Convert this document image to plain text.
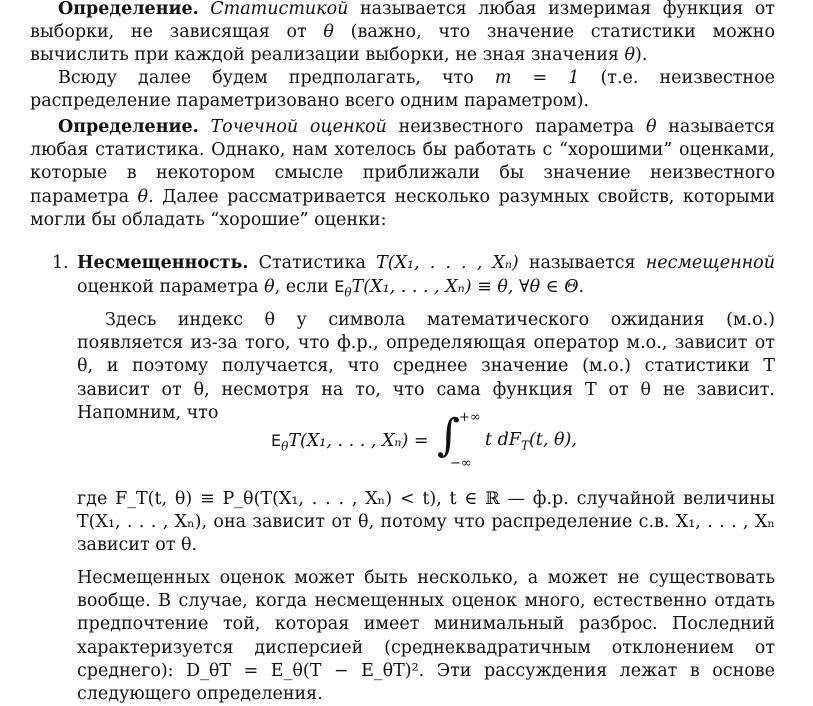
Определение. Статистикой называется любая измеримая функция от выборки, не зависящая от θ (важно, что значение статистики можно вычислить при каждой реализации выборки, не зная значения θ).

Всюду далее будем предполагать, что m = 1 (т.е. неизвестное распределение параметризовано всего одним параметром).

Определение. Точечной оценкой неизвестного параметра θ называется любая статистика. Однако, нам хотелось бы работать с “хорошими” оценками, которые в некотором смысле приближали бы значение неизвестного параметра θ. Далее рассматривается несколько разумных свойств, которыми могли бы обладать “хорошие” оценки:

1. Несмещенность. Статистика T(X₁, . . . , Xₙ) называется несмещенной оценкой параметра θ, если $E_\theta T(X_1$, . . . , Xₙ) ≡ θ, ∀θ ∈ Θ.

Здесь индекс θ у символа математического ожидания (м.о.) появляется из-за того, что ф.р., определяющая оператор м.о., зависит от θ, и поэтому получается, что среднее значение (м.о.) статистики T зависит от θ, несмотря на то, что сама функция T от θ не зависит. Напомним, что

$E_\theta T(X_1$, . . . , Xₙ) = ∫ +∞
−∞
t $dF_T(t$, θ),

где F_T(t, θ) ≡ P_θ(T(X₁, . . . , Xₙ) < t), t ∈ ℝ — ф.р. случайной величины T(X₁, . . . , Xₙ), она зависит от θ, потому что распределение с.в. X₁, . . . , Xₙ зависит от θ.

Несмещенных оценок может быть несколько, а может не существовать вообще. В случае, когда несмещенных оценок много, естественно отдать предпочтение той, которая имеет минимальный разброс. Последний характеризуется дисперсией (среднеквадратичным отклонением от среднего): D_θT = E_θ(T − E_θT)². Эти рассуждения лежат в основе следующего определения.
